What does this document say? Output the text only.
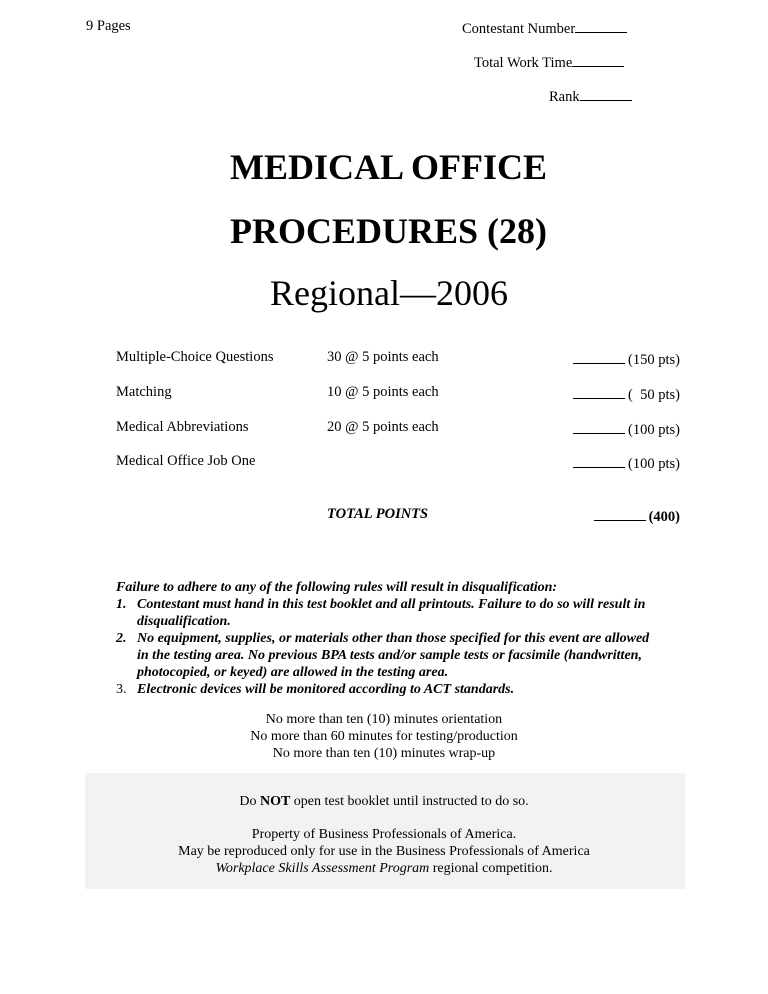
9 Pages	Contestant Number
Total Work Time
Rank
MEDICAL OFFICE
PROCEDURES (28)
Regional—2006
Multiple-Choice Questions	30 @ 5 points each	(150 pts)
Matching	10 @ 5 points each	(  50 pts)
Medical Abbreviations	20 @ 5 points each	(100 pts)
Medical Office Job One	(100 pts)
TOTAL POINTS	(400)
Failure to adhere to any of the following rules will result in disqualification:
1. Contestant must hand in this test booklet and all printouts. Failure to do so will result in disqualification.
2. No equipment, supplies, or materials other than those specified for this event are allowed in the testing area. No previous BPA tests and/or sample tests or facsimile (handwritten, photocopied, or keyed) are allowed in the testing area.
3. Electronic devices will be monitored according to ACT standards.
No more than ten (10) minutes orientation
No more than 60 minutes for testing/production
No more than ten (10) minutes wrap-up
Do NOT open test booklet until instructed to do so.
Property of Business Professionals of America.
May be reproduced only for use in the Business Professionals of America
Workplace Skills Assessment Program regional competition.
